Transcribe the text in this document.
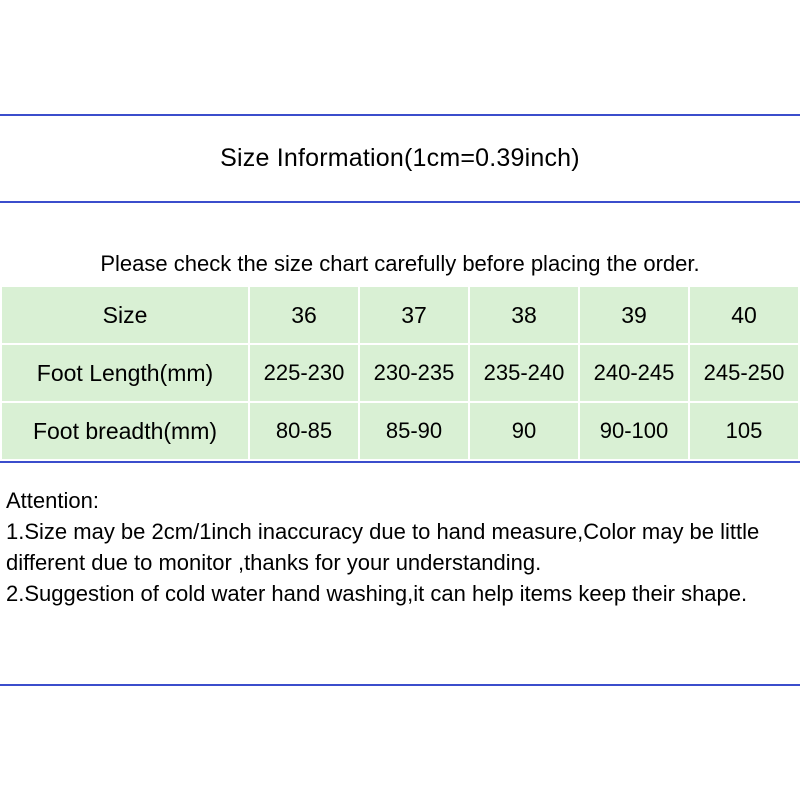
Size Information(1cm=0.39inch)
Please check the size chart carefully before placing the order.
Size	36	37	38	39	40
Foot Length(mm)	225-230	230-235	235-240	240-245	245-250
Foot breadth(mm)	80-85	85-90	90	90-100	105
Attention:
1.Size may be 2cm/1inch inaccuracy due to hand measure,Color may be little different due to monitor ,thanks for your understanding.
2.Suggestion of cold water hand washing,it can help items keep their shape.
